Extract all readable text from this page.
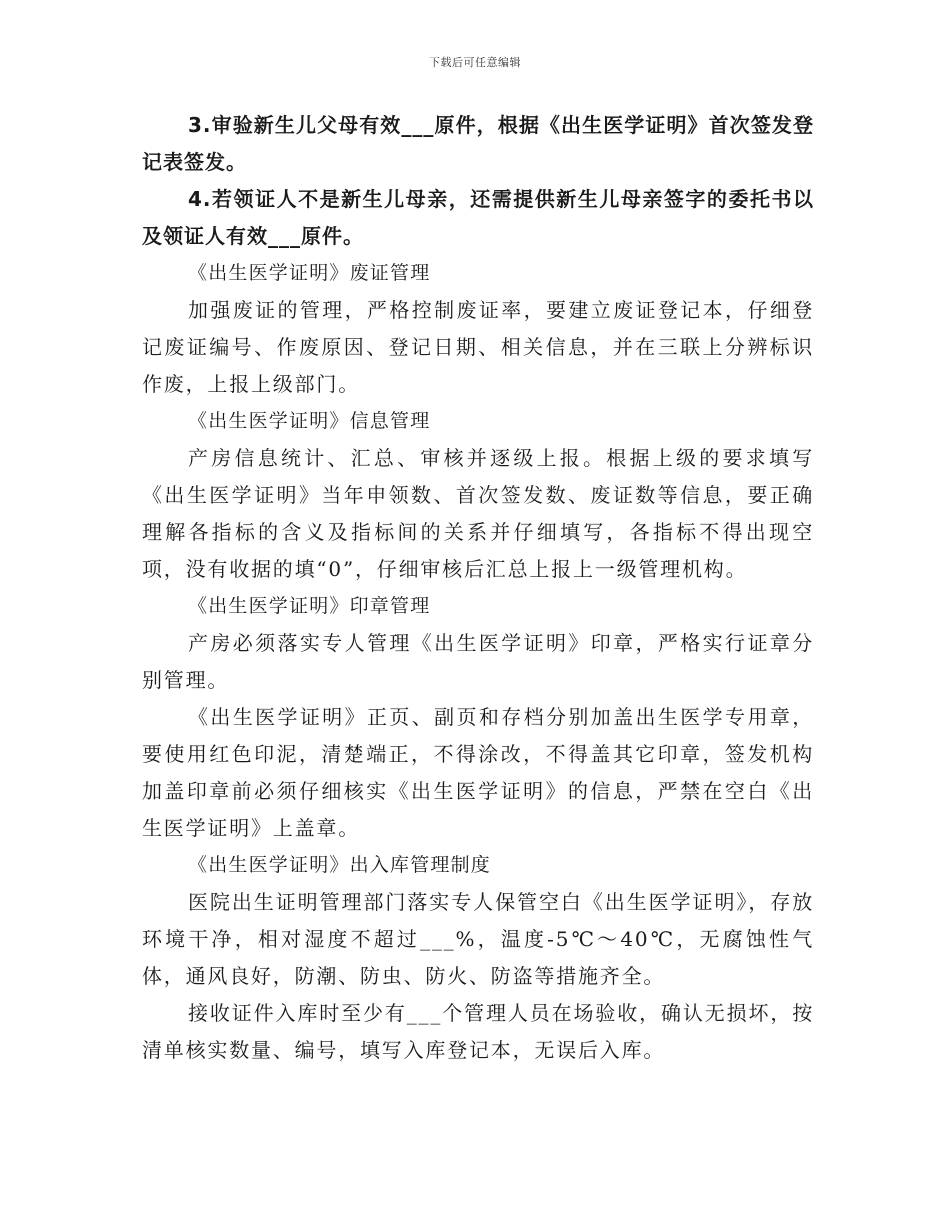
下载后可任意编辑

3.审验新生儿父母有效___原件，根据《出生医学证明》首次签发登记表签发。

4.若领证人不是新生儿母亲，还需提供新生儿母亲签字的委托书以及领证人有效___原件。

《出生医学证明》废证管理

加强废证的管理，严格控制废证率，要建立废证登记本，仔细登记废证编号、作废原因、登记日期、相关信息，并在三联上分辨标识作废，上报上级部门。

《出生医学证明》信息管理

产房信息统计、汇总、审核并逐级上报。根据上级的要求填写《出生医学证明》当年申领数、首次签发数、废证数等信息，要正确理解各指标的含义及指标间的关系并仔细填写，各指标不得出现空项，没有收据的填“0”，仔细审核后汇总上报上一级管理机构。

《出生医学证明》印章管理

产房必须落实专人管理《出生医学证明》印章，严格实行证章分别管理。

《出生医学证明》正页、副页和存档分别加盖出生医学专用章，要使用红色印泥，清楚端正，不得涂改，不得盖其它印章，签发机构加盖印章前必须仔细核实《出生医学证明》的信息，严禁在空白《出生医学证明》上盖章。

《出生医学证明》出入库管理制度

医院出生证明管理部门落实专人保管空白《出生医学证明》，存放环境干净，相对湿度不超过___%，温度-5℃～40℃，无腐蚀性气体，通风良好，防潮、防虫、防火、防盗等措施齐全。

接收证件入库时至少有___个管理人员在场验收，确认无损坏，按清单核实数量、编号，填写入库登记本，无误后入库。
